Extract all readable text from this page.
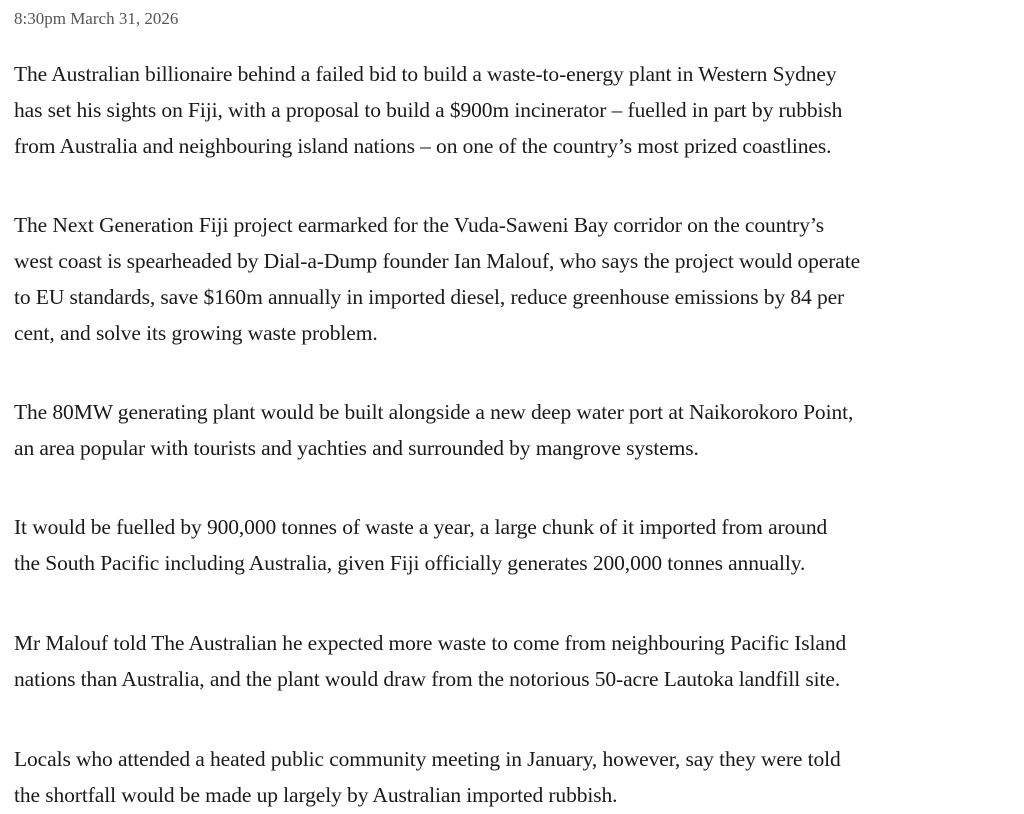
8:30pm March 31, 2026

The Australian billionaire behind a failed bid to build a waste-to-energy plant in Western Sydney
has set his sights on Fiji, with a proposal to build a $900m incinerator – fuelled in part by rubbish
from Australia and neighbouring island nations – on one of the country’s most prized coastlines.

The Next Generation Fiji project earmarked for the Vuda-Saweni Bay corridor on the country’s
west coast is spearheaded by Dial-a-Dump founder Ian Malouf, who says the project would operate
to EU standards, save $160m annually in imported diesel, reduce greenhouse emissions by 84 per
cent, and solve its growing waste problem.

The 80MW generating plant would be built alongside a new deep water port at Naikorokoro Point,
an area popular with tourists and yachties and surrounded by mangrove systems.

It would be fuelled by 900,000 tonnes of waste a year, a large chunk of it imported from around
the South Pacific including Australia, given Fiji officially generates 200,000 tonnes annually.

Mr Malouf told The Australian he expected more waste to come from neighbouring Pacific Island
nations than Australia, and the plant would draw from the notorious 50-acre Lautoka landfill site.

Locals who attended a heated public community meeting in January, however, say they were told
the shortfall would be made up largely by Australian imported rubbish.
